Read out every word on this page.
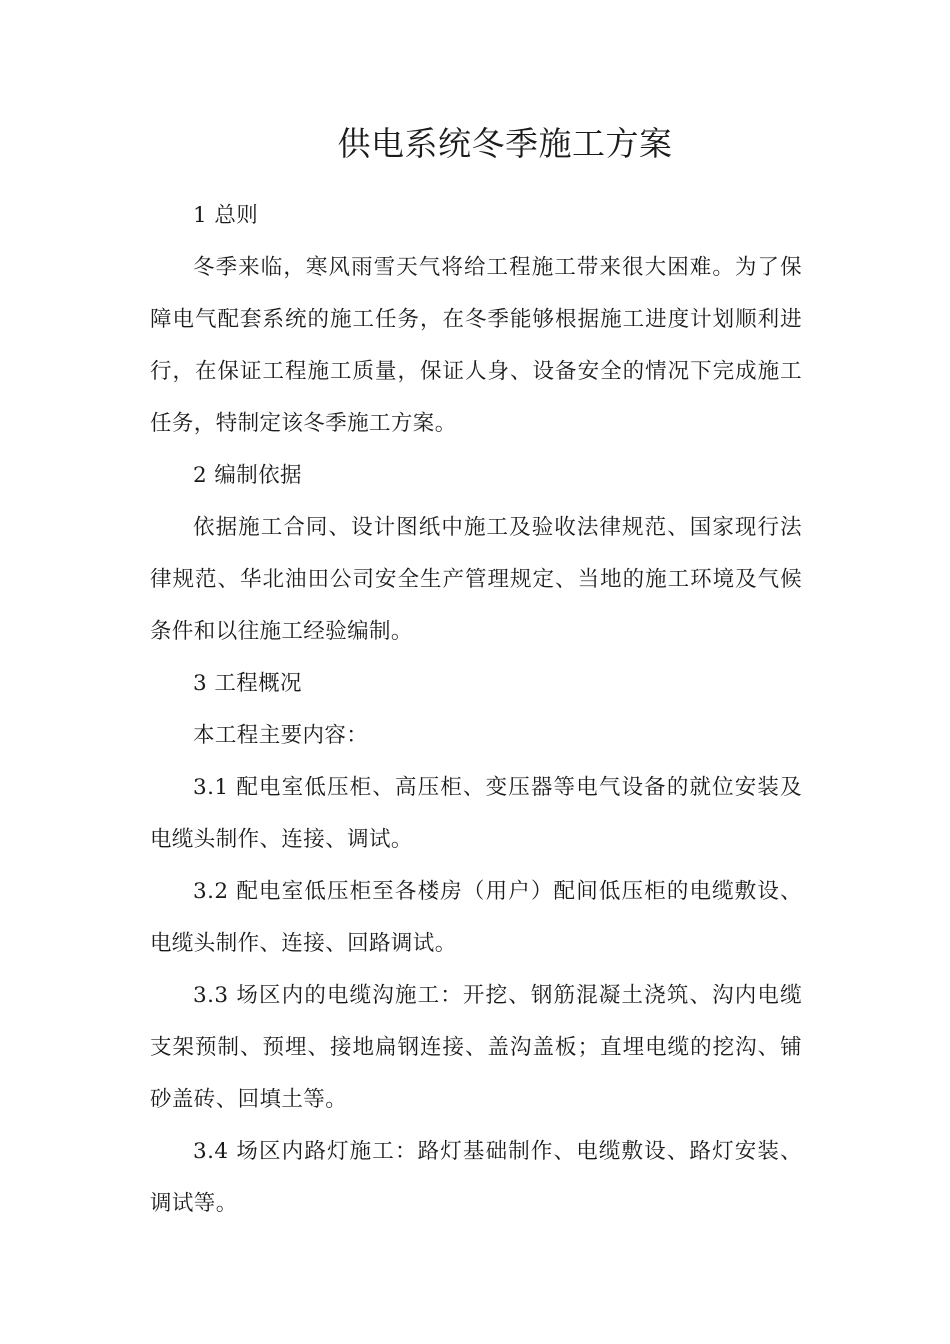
供电系统冬季施工方案

1 总则

冬季来临，寒风雨雪天气将给工程施工带来很大困难。为了保障电气配套系统的施工任务，在冬季能够根据施工进度计划顺利进行，在保证工程施工质量，保证人身、设备安全的情况下完成施工任务，特制定该冬季施工方案。

2 编制依据

依据施工合同、设计图纸中施工及验收法律规范、国家现行法律规范、华北油田公司安全生产管理规定、当地的施工环境及气候条件和以往施工经验编制。

3 工程概况

本工程主要内容：

3.1 配电室低压柜、高压柜、变压器等电气设备的就位安装及电缆头制作、连接、调试。

3.2 配电室低压柜至各楼房（用户）配间低压柜的电缆敷设、电缆头制作、连接、回路调试。

3.3 场区内的电缆沟施工：开挖、钢筋混凝土浇筑、沟内电缆支架预制、预埋、接地扁钢连接、盖沟盖板；直埋电缆的挖沟、铺砂盖砖、回填土等。

3.4 场区内路灯施工：路灯基础制作、电缆敷设、路灯安装、调试等。
